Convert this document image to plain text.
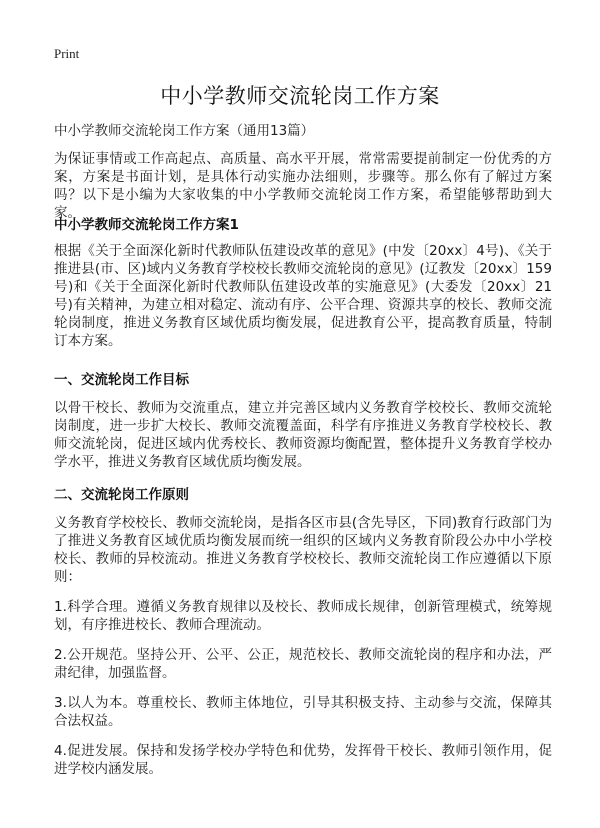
Print
中小学教师交流轮岗工作方案
中小学教师交流轮岗工作方案（通用13篇）

为保证事情或工作高起点、高质量、高水平开展，常常需要提前制定一份优秀的方案，方案是书面计划，是具体行动实施办法细则，步骤等。那么你有了解过方案吗？以下是小编为大家收集的中小学教师交流轮岗工作方案，希望能够帮助到大家。

中小学教师交流轮岗工作方案1

根据《关于全面深化新时代教师队伍建设改革的意见》(中发〔20xx〕4号)、《关于推进县(市、区)域内义务教育学校校长教师交流轮岗的意见》(辽教发〔20xx〕159号)和《关于全面深化新时代教师队伍建设改革的实施意见》(大委发〔20xx〕21号)有关精神，为建立相对稳定、流动有序、公平合理、资源共享的校长、教师交流轮岗制度，推进义务教育区域优质均衡发展，促进教育公平，提高教育质量，特制订本方案。

一、交流轮岗工作目标

以骨干校长、教师为交流重点，建立并完善区域内义务教育学校校长、教师交流轮岗制度，进一步扩大校长、教师交流覆盖面，科学有序推进义务教育学校校长、教师交流轮岗，促进区域内优秀校长、教师资源均衡配置，整体提升义务教育学校办学水平，推进义务教育区域优质均衡发展。

二、交流轮岗工作原则

义务教育学校校长、教师交流轮岗，是指各区市县(含先导区，下同)教育行政部门为了推进义务教育区域优质均衡发展而统一组织的区域内义务教育阶段公办中小学校校长、教师的异校流动。推进义务教育学校校长、教师交流轮岗工作应遵循以下原则：

1.科学合理。遵循义务教育规律以及校长、教师成长规律，创新管理模式，统筹规划，有序推进校长、教师合理流动。

2.公开规范。坚持公开、公平、公正，规范校长、教师交流轮岗的程序和办法，严肃纪律，加强监督。

3.以人为本。尊重校长、教师主体地位，引导其积极支持、主动参与交流，保障其合法权益。

4.促进发展。保持和发扬学校办学特色和优势，发挥骨干校长、教师引领作用，促进学校内涵发展。
